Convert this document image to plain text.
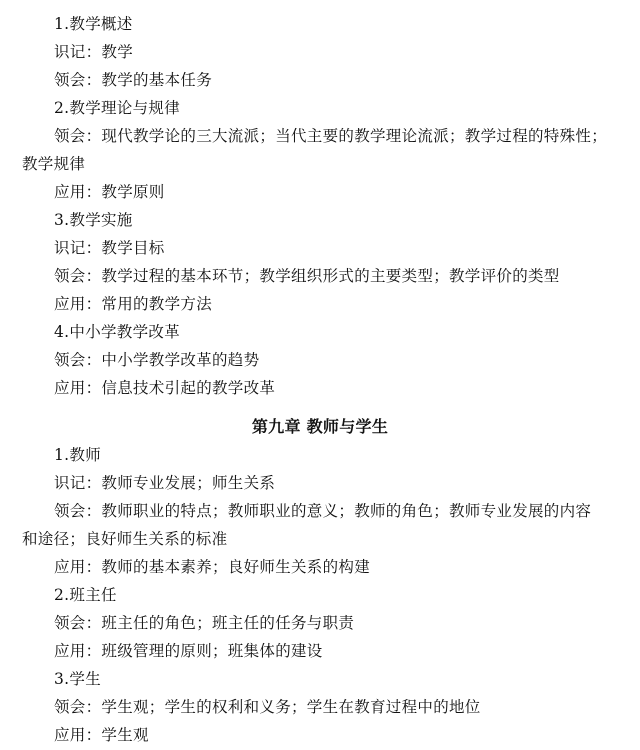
1.教学概述
识记：教学
领会：教学的基本任务
2.教学理论与规律
领会：现代教学论的三大流派；当代主要的教学理论流派；教学过程的特殊性；
教学规律
应用：教学原则
3.教学实施
识记：教学目标
领会：教学过程的基本环节；教学组织形式的主要类型；教学评价的类型
应用：常用的教学方法
4.中小学教学改革
领会：中小学教学改革的趋势
应用：信息技术引起的教学改革
第九章 教师与学生
1.教师
识记：教师专业发展；师生关系
领会：教师职业的特点；教师职业的意义；教师的角色；教师专业发展的内容
和途径；良好师生关系的标准
应用：教师的基本素养；良好师生关系的构建
2.班主任
领会：班主任的角色；班主任的任务与职责
应用：班级管理的原则；班集体的建设
3.学生
领会：学生观；学生的权利和义务；学生在教育过程中的地位
应用：学生观
